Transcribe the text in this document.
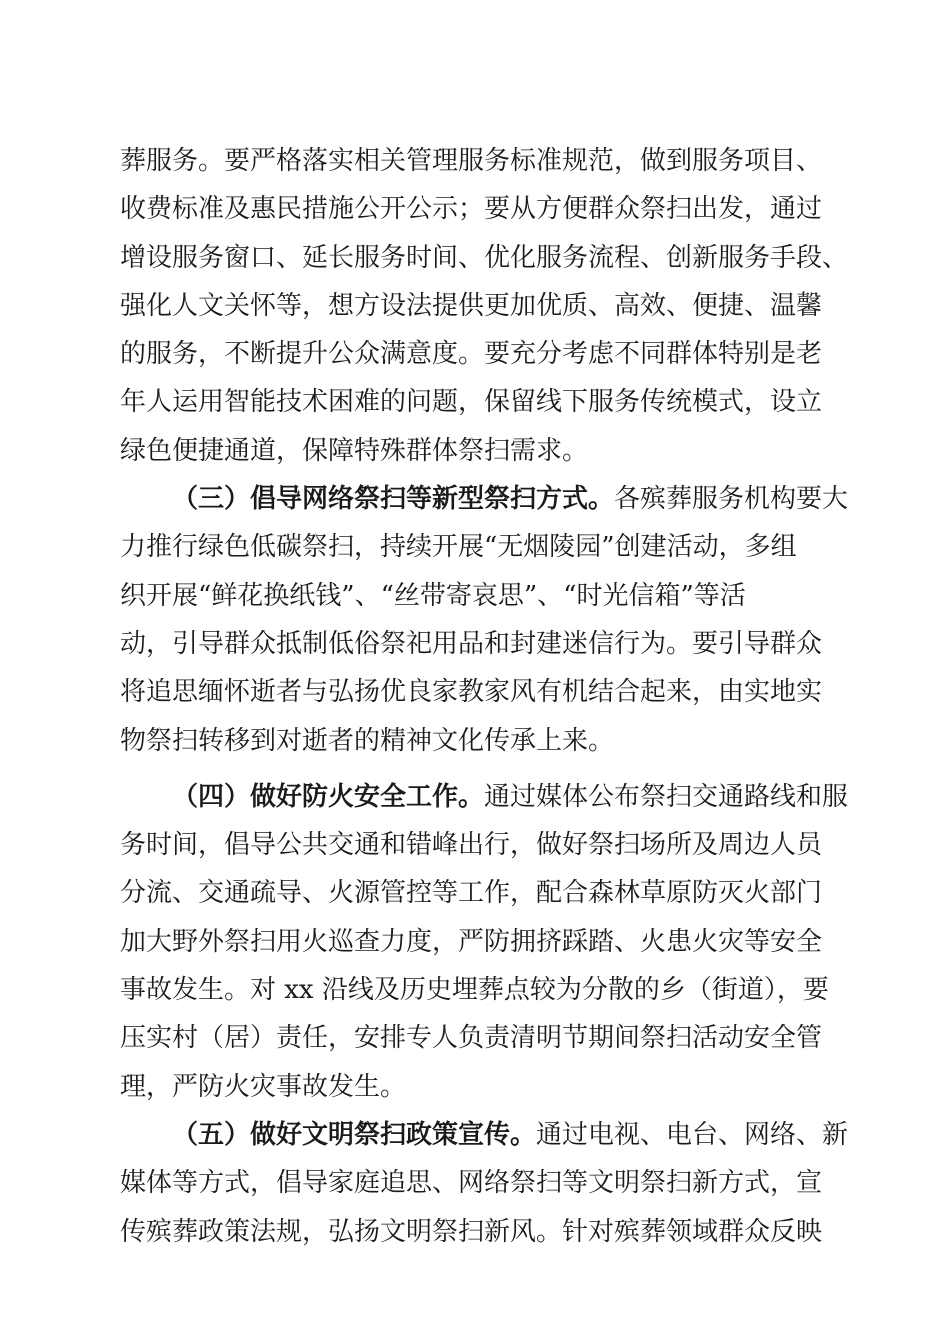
葬服务。要严格落实相关管理服务标准规范，做到服务项目、
收费标准及惠民措施公开公示；要从方便群众祭扫出发，通过
增设服务窗口、延长服务时间、优化服务流程、创新服务手段、
强化人文关怀等，想方设法提供更加优质、高效、便捷、温馨
的服务，不断提升公众满意度。要充分考虑不同群体特别是老
年人运用智能技术困难的问题，保留线下服务传统模式，设立
绿色便捷通道，保障特殊群体祭扫需求。
（三）倡导网络祭扫等新型祭扫方式。各殡葬服务机构要大
力推行绿色低碳祭扫，持续开展“无烟陵园”创建活动，多组
织开展“鲜花换纸钱”、“丝带寄哀思”、“时光信箱”等活
动，引导群众抵制低俗祭祀用品和封建迷信行为。要引导群众
将追思缅怀逝者与弘扬优良家教家风有机结合起来，由实地实
物祭扫转移到对逝者的精神文化传承上来。
（四）做好防火安全工作。通过媒体公布祭扫交通路线和服
务时间，倡导公共交通和错峰出行，做好祭扫场所及周边人员
分流、交通疏导、火源管控等工作，配合森林草原防灭火部门
加大野外祭扫用火巡查力度，严防拥挤踩踏、火患火灾等安全
事故发生。对 xx 沿线及历史埋葬点较为分散的乡（街道），要
压实村（居）责任，安排专人负责清明节期间祭扫活动安全管
理，严防火灾事故发生。
（五）做好文明祭扫政策宣传。通过电视、电台、网络、新
媒体等方式，倡导家庭追思、网络祭扫等文明祭扫新方式，宣
传殡葬政策法规，弘扬文明祭扫新风。针对殡葬领域群众反映
